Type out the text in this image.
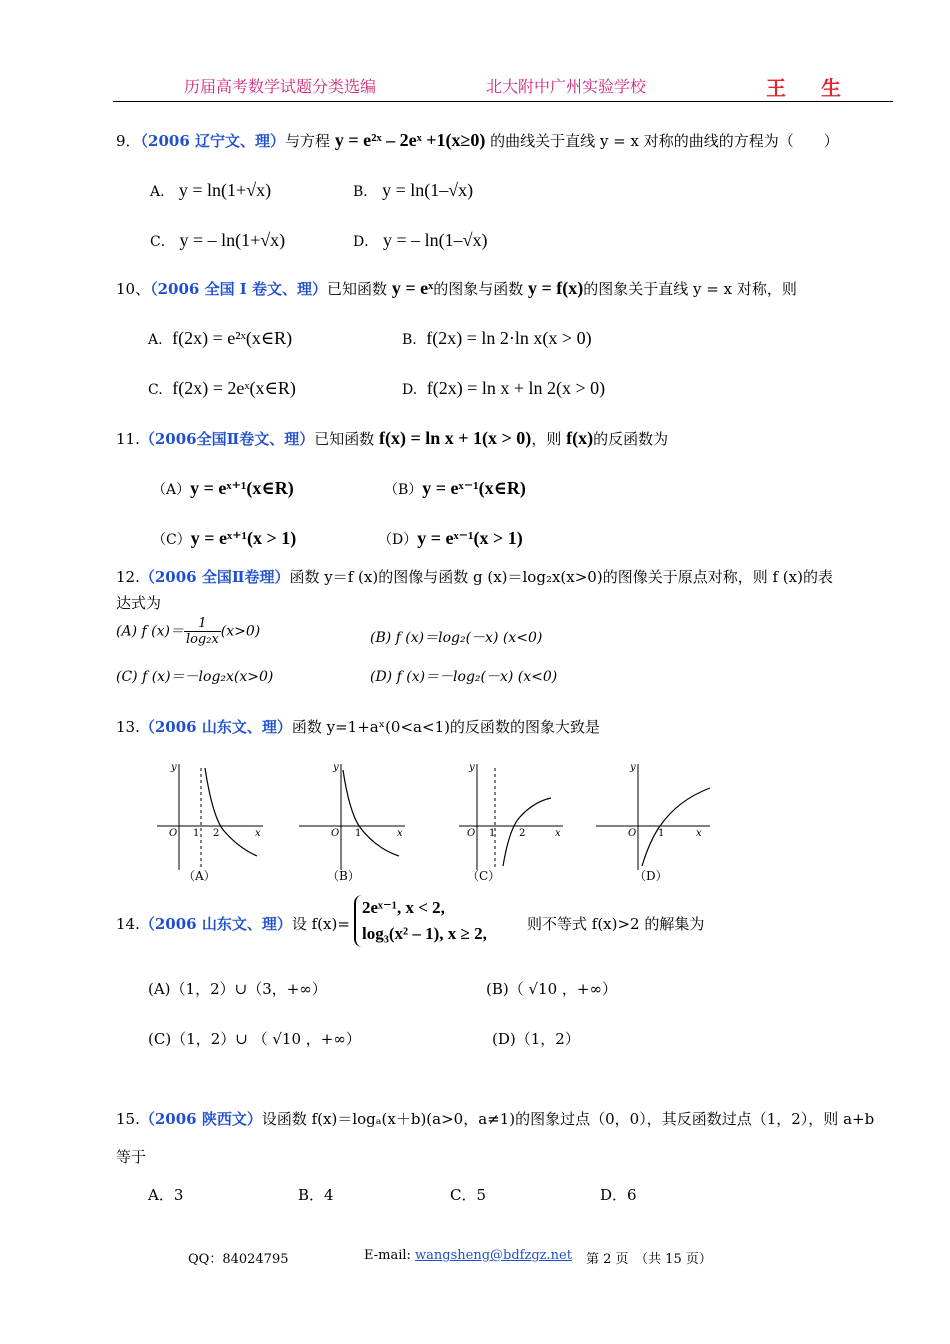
历届高考数学试题分类选编	北大附中广州实验学校	王 生
9．（2006 辽宁文、理）与方程 y = e²ˣ – 2eˣ +1(x≥0) 的曲线关于直线 y = x 对称的曲线的方程为（　　）
A． y = ln(1+√x)	B． y = ln(1–√x)
C． y = – ln(1+√x)	D． y = – ln(1–√x)
10、（2006 全国 I 卷文、理）已知函数 y = eˣ的图象与函数 y = f(x)的图象关于直线 y = x 对称，则
A. f(2x) = e²ˣ(x∈R)	B. f(2x) = ln 2·ln x(x > 0)
C. f(2x) = 2eˣ(x∈R)	D. f(2x) = ln x + ln 2(x > 0)
11.（2006全国Ⅱ卷文、理）已知函数 f(x) = ln x + 1(x > 0)，则 f(x)的反函数为
（A）y = eˣ⁺¹(x∈R)	（B）y = eˣ⁻¹(x∈R)
（C）y = eˣ⁺¹(x > 1)	（D）y = eˣ⁻¹(x > 1)
12.（2006 全国Ⅱ卷理）函数 y＝f (x)的图像与函数 g (x)＝log₂x(x>0)的图像关于原点对称，则 f (x)的表
达式为
(A) f $(x)= \frac{1}{\text{log₂x}} (x>0)$	(B) f (x)＝log₂(－x) (x<0)
(C) f (x)＝－log₂x(x>0)	(D) f (x)＝－log₂(－x) (x<0)
13.（2006 山东文、理）函数 y=1+aˣ(0<a<1)的反函数的图象大致是
y
x
O 1 2
（A）
y
x
O 1
（B）
y
x
O 1 2
（C）
y
x
O 1
（D）
14.（2006 山东文、理）设 f(x)=
2eˣ⁻¹, x < 2,
log₃(x² – 1), x ≥ 2,	则不等式 f(x)>2 的解集为
(A)（1，2）∪（3，+∞）	(B)（ √10 ，+∞）
(C)（1，2）∪ （ √10 ，+∞）	(D)（1，2）
15.（2006 陕西文）设函数 f(x)＝logₐ(x＋b)(a>0，a≠1)的图象过点（0，0），其反函数过点（1，2），则 a+b
等于
A．3	B．4	C．5	D．6
QQ：84024795	E-mail: wangsheng@bdfzgz.net 第 2 页　（共 15 页）
